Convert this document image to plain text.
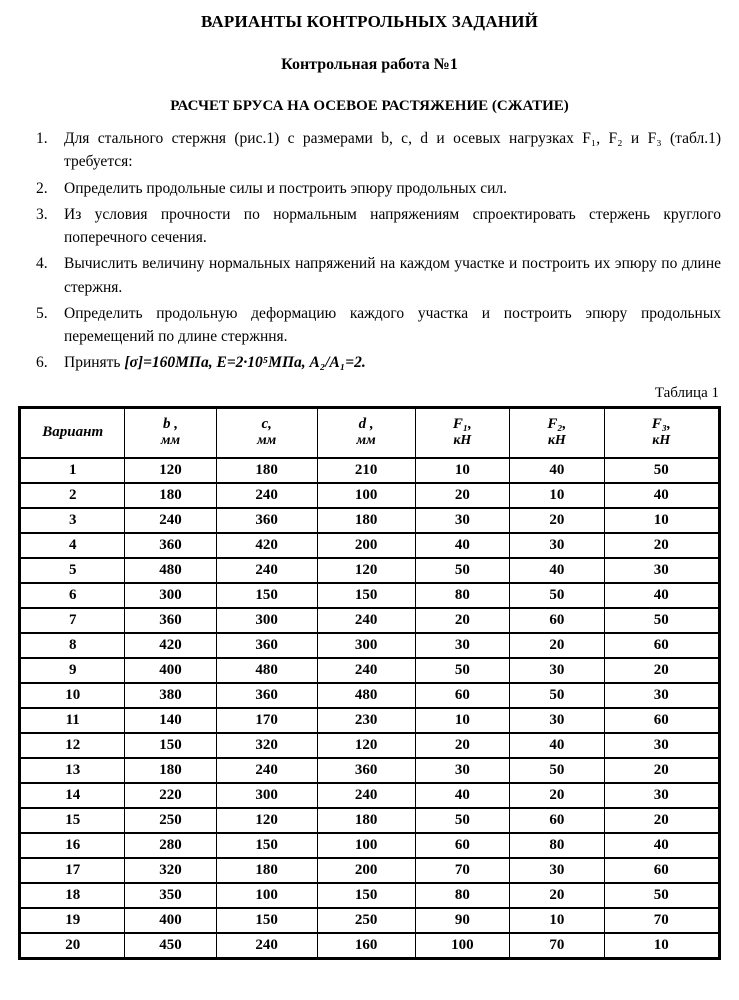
ВАРИАНТЫ КОНТРОЛЬНЫХ ЗАДАНИЙ
Контрольная работа №1
РАСЧЕТ БРУСА НА ОСЕВОЕ РАСТЯЖЕНИЕ (СЖАТИЕ)
1.	Для стального стержня (рис.1) с размерами b, c, d и осевых нагрузках F₁, F₂ и F₃ (табл.1) требуется:
2.	Определить продольные силы и построить эпюру продольных сил.
3.	Из условия прочности по нормальным напряжениям спроектировать стержень круглого поперечного сечения.
4.	Вычислить величину нормальных напряжений на каждом участке и построить их эпюру по длине стержня.
5.	Определить продольную деформацию каждого участка и построить эпюру продольных перемещений по длине стержння.
6.	Принять [σ]=160МПа, Е=2·10⁵МПа, А₂/А₁=2.
Таблица 1
Вариант	b ,
мм

c,
мм

d ,
мм

F₁,
кН

F₂,
кН

F₃,
кН

1	120	180	210	10	40	50
2	180	240	100	20	10	40
3	240	360	180	30	20	10
4	360	420	200	40	30	20
5	480	240	120	50	40	30
6	300	150	150	80	50	40
7	360	300	240	20	60	50
8	420	360	300	30	20	60
9	400	480	240	50	30	20
10	380	360	480	60	50	30
11	140	170	230	10	30	60
12	150	320	120	20	40	30
13	180	240	360	30	50	20
14	220	300	240	40	20	30
15	250	120	180	50	60	20
16	280	150	100	60	80	40
17	320	180	200	70	30	60
18	350	100	150	80	20	50
19	400	150	250	90	10	70
20	450	240	160	100	70	10
